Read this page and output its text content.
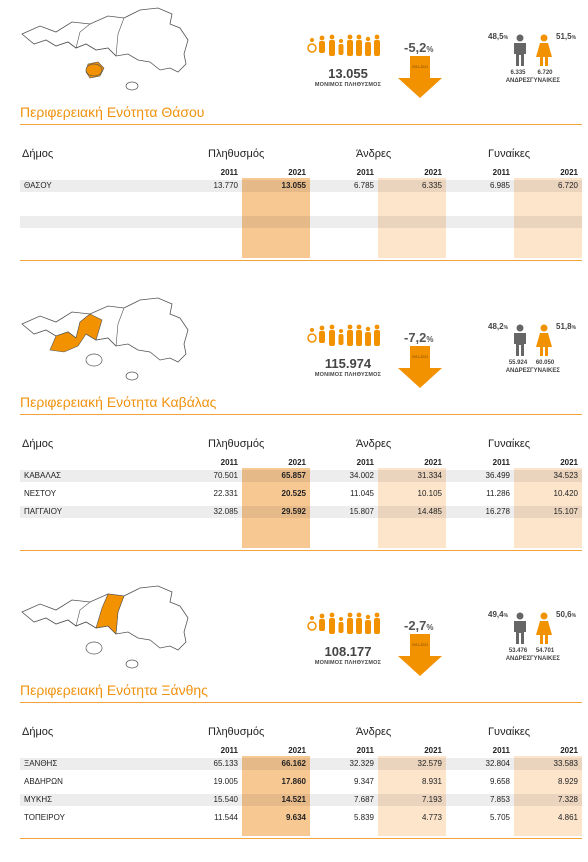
13.055
ΜΟΝΙΜΟΣ ΠΛΗΘΥΣΜΟΣ
-5,2%
2011-2021
48,5%	51,5%
6.335	6.720
ΑΝΔΡΕΣ ΓΥΝΑΙΚΕΣ
Περιφερειακή Ενότητα Θάσου
Δήμος	Πληθυσμός	Άνδρες	Γυναίκες
2011	2021	2011	2021	2011	2021
ΘΑΣΟΥ	13.770	13.055	6.785	6.335	6.985	6.720
115.974
ΜΟΝΙΜΟΣ ΠΛΗΘΥΣΜΟΣ
-7,2%
2011-2021
48,2%	51,8%
55.924	60.050
ΑΝΔΡΕΣ ΓΥΝΑΙΚΕΣ
Περιφερειακή Ενότητα Καβάλας
Δήμος	Πληθυσμός	Άνδρες	Γυναίκες
2011	2021	2011	2021	2011	2021
ΚΑΒΑΛΑΣ	70.501	65.857	34.002	31.334	36.499	34.523
ΝΕΣΤΟΥ	22.331	20.525	11.045	10.105	11.286	10.420
ΠΑΓΓΑΙΟΥ	32.085	29.592	15.807	14.485	16.278	15.107
108.177
ΜΟΝΙΜΟΣ ΠΛΗΘΥΣΜΟΣ
-2,7%
2011-2021
49,4%	50,6%
53.476	54.701
ΑΝΔΡΕΣ ΓΥΝΑΙΚΕΣ
Περιφερειακή Ενότητα Ξάνθης
Δήμος	Πληθυσμός	Άνδρες	Γυναίκες
2011	2021	2011	2021	2011	2021
ΞΑΝΘΗΣ	65.133	66.162	32.329	32.579	32.804	33.583
ΑΒΔΗΡΩΝ	19.005	17.860	9.347	8.931	9.658	8.929
ΜΥΚΗΣ	15.540	14.521	7.687	7.193	7.853	7.328
ΤΟΠΕΙΡΟΥ	11.544	9.634	5.839	4.773	5.705	4.861
